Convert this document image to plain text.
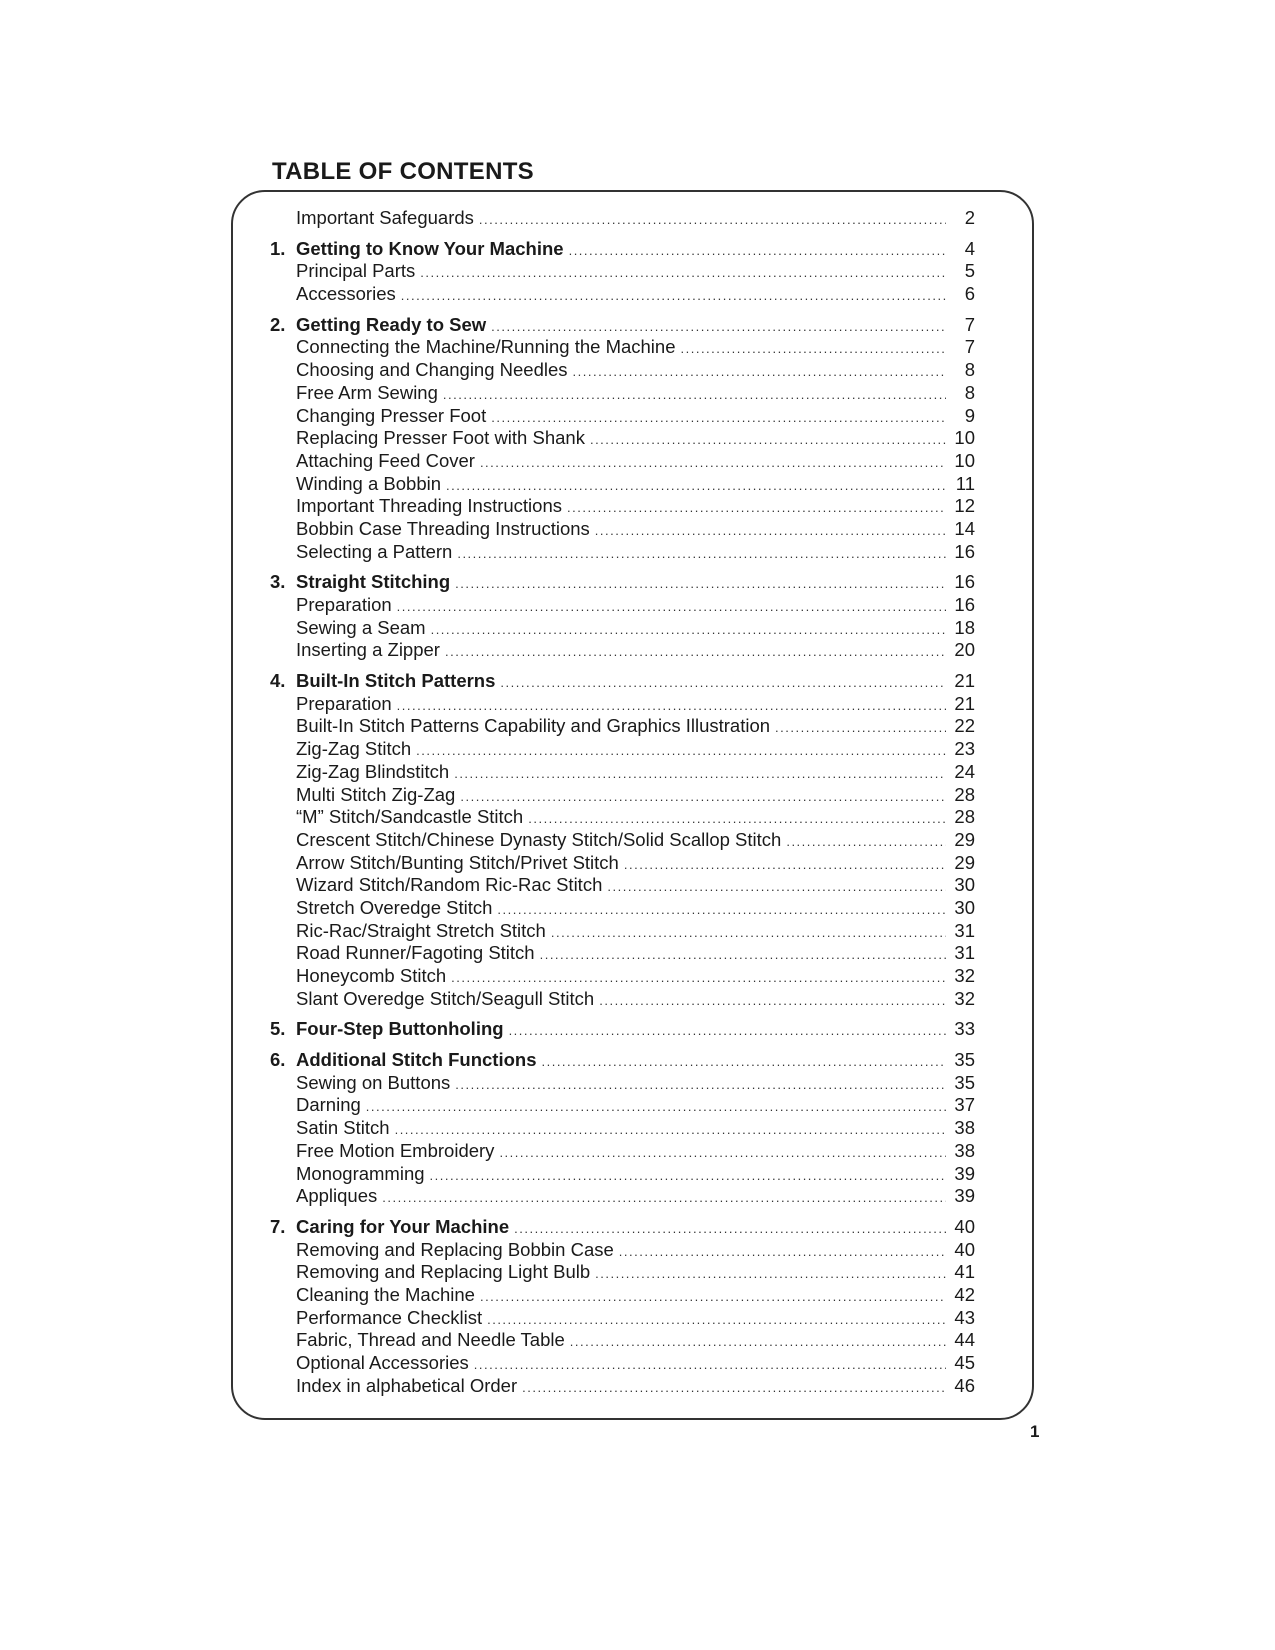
TABLE OF CONTENTS
Important Safeguards .....	2
1. Getting to Know Your Machine .....	4
Principal Parts .....	5
Accessories .....	6
2. Getting Ready to Sew .....	7
Connecting the Machine/Running the Machine .....	7
Choosing and Changing Needles .....	8
Free Arm Sewing .....	8
Changing Presser Foot .....	9
Replacing Presser Foot with Shank .....	10
Attaching Feed Cover .....	10
Winding a Bobbin .....	11
Important Threading Instructions .....	12
Bobbin Case Threading Instructions .....	14
Selecting a Pattern .....	16
3. Straight Stitching .....	16
Preparation .....	16
Sewing a Seam .....	18
Inserting a Zipper .....	20
4. Built-In Stitch Patterns .....	21
Preparation .....	21
Built-In Stitch Patterns Capability and Graphics Illustration .....	22
Zig-Zag Stitch .....	23
Zig-Zag Blindstitch .....	24
Multi Stitch Zig-Zag .....	28
“M” Stitch/Sandcastle Stitch .....	28
Crescent Stitch/Chinese Dynasty Stitch/Solid Scallop Stitch .....	29
Arrow Stitch/Bunting Stitch/Privet Stitch .....	29
Wizard Stitch/Random Ric-Rac Stitch .....	30
Stretch Overedge Stitch .....	30
Ric-Rac/Straight Stretch Stitch .....	31
Road Runner/Fagoting Stitch .....	31
Honeycomb Stitch .....	32
Slant Overedge Stitch/Seagull Stitch .....	32
5. Four-Step Buttonholing .....	33
6. Additional Stitch Functions .....	35
Sewing on Buttons .....	35
Darning .....	37
Satin Stitch .....	38
Free Motion Embroidery .....	38
Monogramming .....	39
Appliques .....	39
7. Caring for Your Machine .....	40
Removing and Replacing Bobbin Case .....	40
Removing and Replacing Light Bulb .....	41
Cleaning the Machine .....	42
Performance Checklist .....	43
Fabric, Thread and Needle Table .....	44
Optional Accessories .....	45
Index in alphabetical Order .....	46
1
